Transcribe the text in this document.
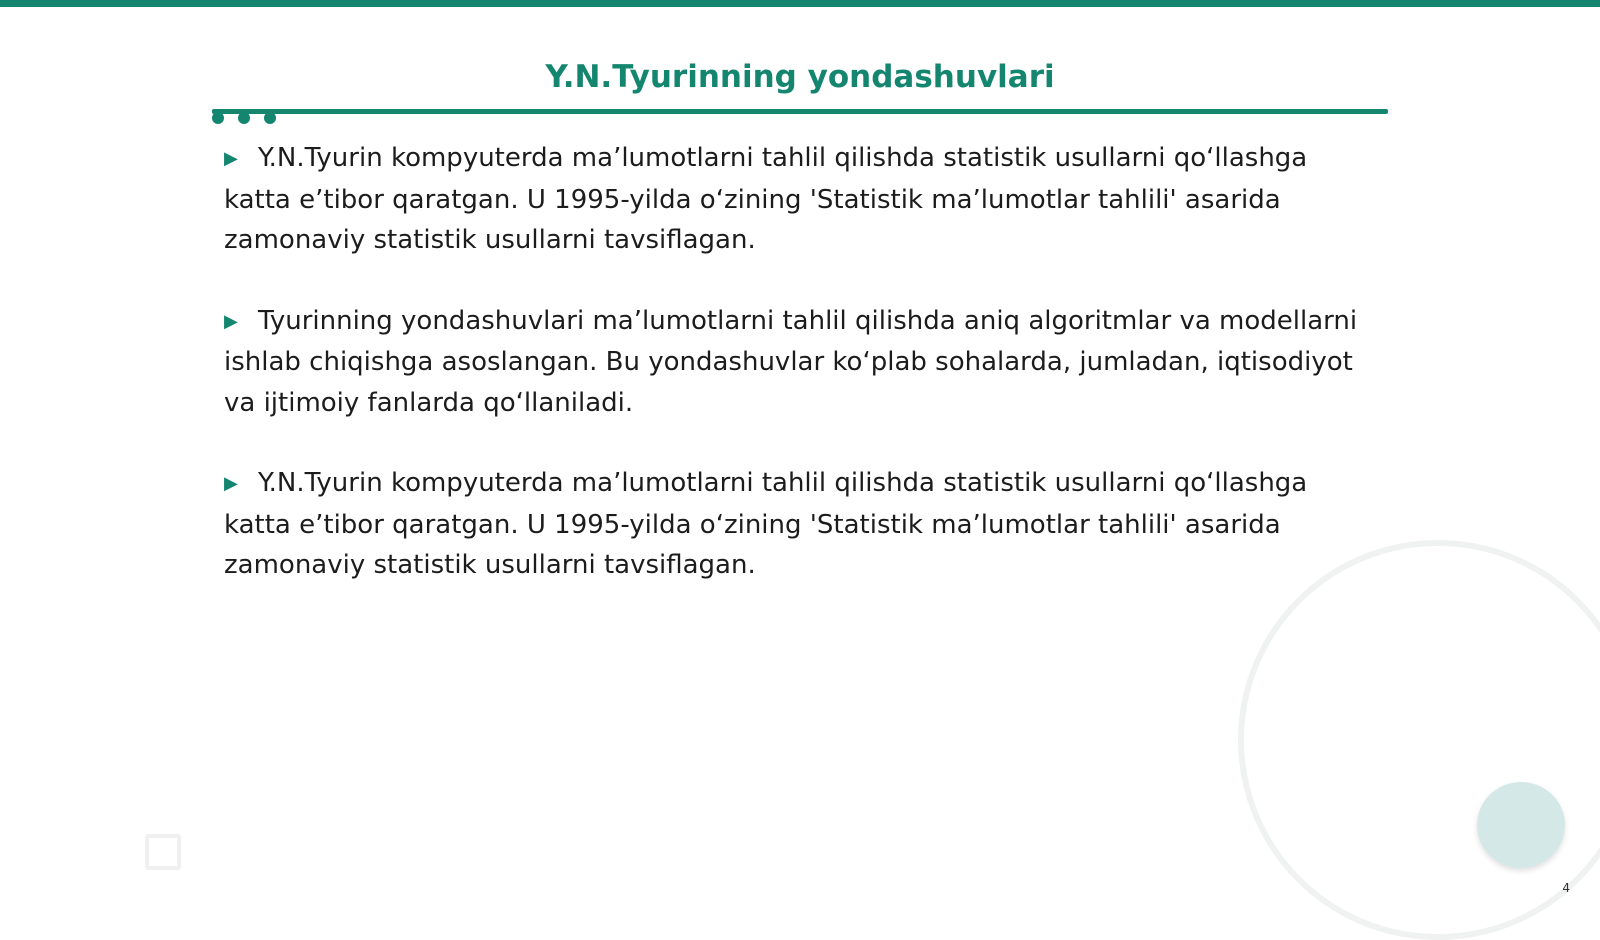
Y.N.Tyurinning yondashuvlari

▶ Y.N.Tyurin kompyuterda ma’lumotlarni tahlil qilishda statistik usullarni qo‘llashga katta e’tibor qaratgan. U 1995-yilda o‘zining 'Statistik ma’lumotlar tahlili' asarida zamonaviy statistik usullarni tavsiflagan.

▶ Tyurinning yondashuvlari ma’lumotlarni tahlil qilishda aniq algoritmlar va modellarni ishlab chiqishga asoslangan. Bu yondashuvlar ko‘plab sohalarda, jumladan, iqtisodiyot va ijtimoiy fanlarda qo‘llaniladi.

▶ Y.N.Tyurin kompyuterda ma’lumotlarni tahlil qilishda statistik usullarni qo‘llashga katta e’tibor qaratgan. U 1995-yilda o‘zining 'Statistik ma’lumotlar tahlili' asarida zamonaviy statistik usullarni tavsiflagan.

4
